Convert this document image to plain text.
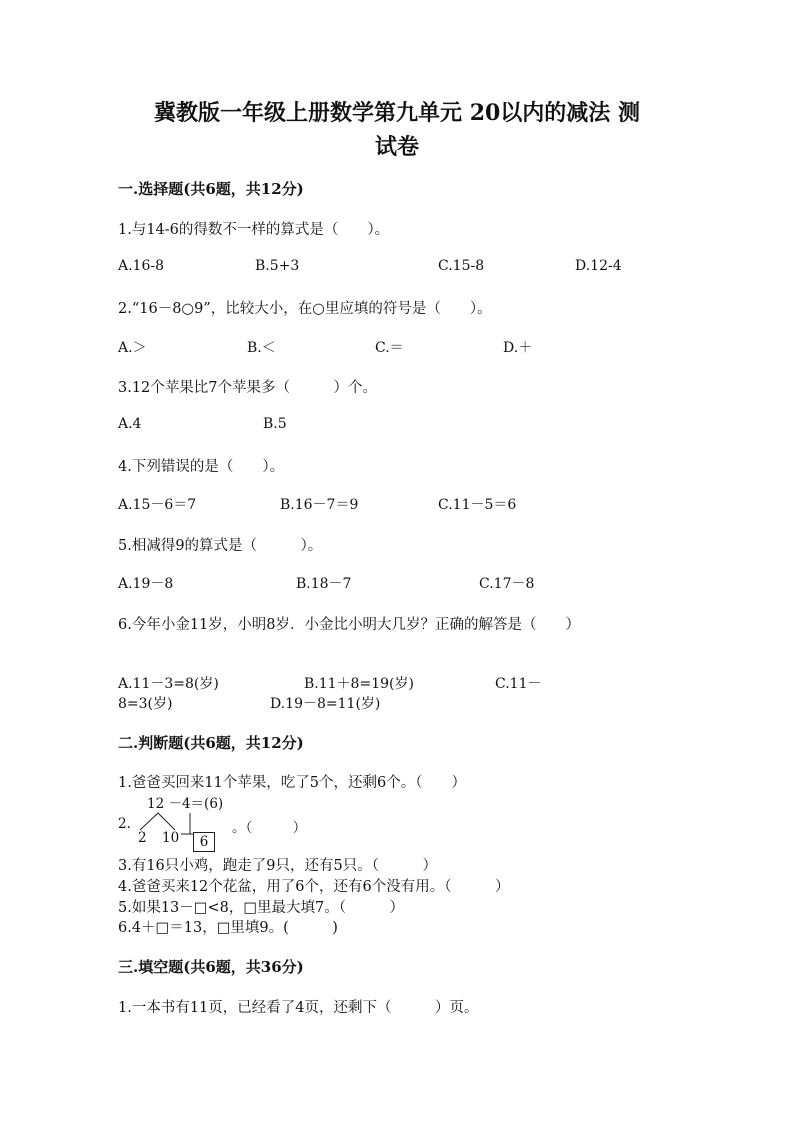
冀教版一年级上册数学第九单元 20以内的减法 测
试卷
一.选择题(共6题，共12分)
1.与14-6的得数不一样的算式是（　　）。
A.16-8	B.5+3	C.15-8	D.12-4
2.“16－8○9”，比较大小，在○里应填的符号是（　　）。
A.＞	B.＜	C.＝	D.＋
3.12个苹果比7个苹果多（　　　）个。
A.4	B.5
4.下列错误的是（　　）。
A.15－6＝7	B.16－7＝9	C.11－5＝6
5.相减得9的算式是（　　　）。
A.19－8	B.18－7	C.17－8
6.今年小金11岁，小明8岁．小金比小明大几岁？正确的解答是（　　）
A.11－3=8(岁)	B.11＋8=19(岁)	C.11－
8=3(岁)	D.19－8=11(岁)
二.判断题(共6题，共12分)
1.爸爸买回来11个苹果，吃了5个，还剩6个。（　　）
12 －4＝(6)
2.
2 10	6
。（　　　）
3.有16只小鸡，跑走了9只，还有5只。（　　　）
4.爸爸买来12个花盆，用了6个，还有6个没有用。（　　　）
5.如果13－□<8，□里最大填7。（　　　）
6.4＋□＝13，□里填9。(　　　)
三.填空题(共6题，共36分)
1.一本书有11页，已经看了4页，还剩下（　　　）页。
